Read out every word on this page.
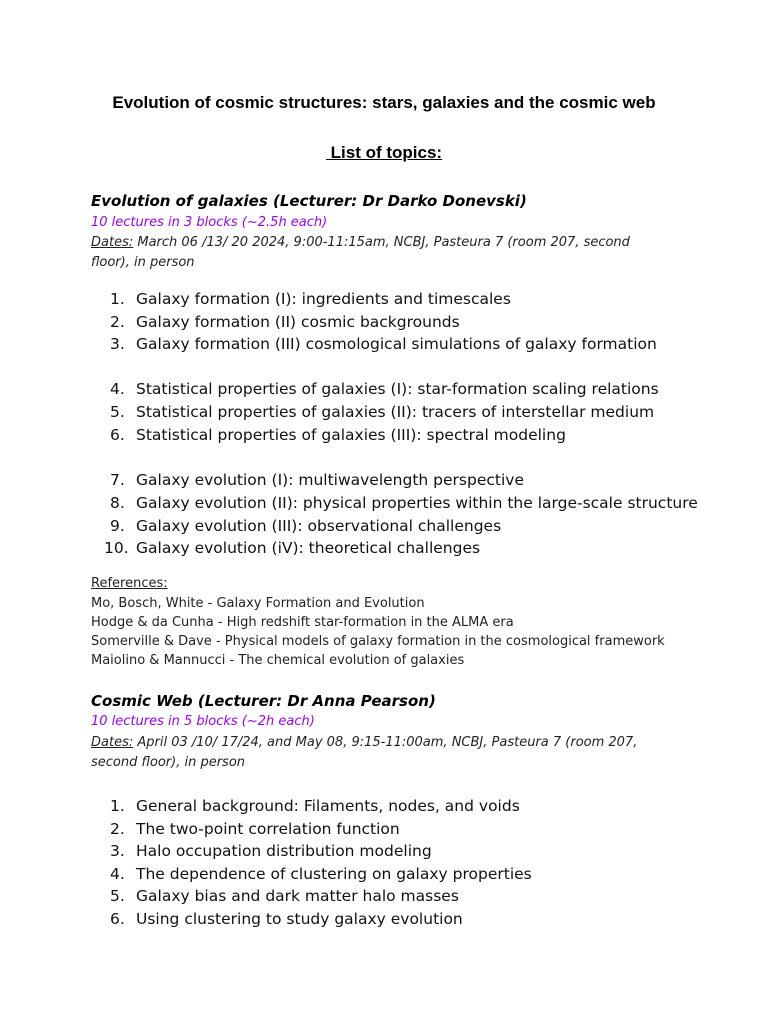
Evolution of cosmic structures: stars, galaxies and the cosmic web
List of topics:
Evolution of galaxies (Lecturer: Dr Darko Donevski)
10 lectures in 3 blocks (~2.5h each)
Dates: March 06 /13/ 20 2024, 9:00-11:15am, NCBJ, Pasteura 7 (room 207, second floor), in person
1. Galaxy formation (I): ingredients and timescales
2. Galaxy formation (II) cosmic backgrounds
3. Galaxy formation (III) cosmological simulations of galaxy formation
4. Statistical properties of galaxies (I): star-formation scaling relations
5. Statistical properties of galaxies (II): tracers of interstellar medium
6. Statistical properties of galaxies (III): spectral modeling
7. Galaxy evolution (I): multiwavelength perspective
8. Galaxy evolution (II): physical properties within the large-scale structure
9. Galaxy evolution (III): observational challenges
10. Galaxy evolution (iV): theoretical challenges
References:
Mo, Bosch, White - Galaxy Formation and Evolution
Hodge & da Cunha - High redshift star-formation in the ALMA era
Somerville & Dave - Physical models of galaxy formation in the cosmological framework
Maiolino & Mannucci - The chemical evolution of galaxies
Cosmic Web (Lecturer: Dr Anna Pearson)
10 lectures in 5 blocks (~2h each)
Dates: April 03 /10/ 17/24, and May 08, 9:15-11:00am, NCBJ, Pasteura 7 (room 207, second floor), in person
1. General background: Filaments, nodes, and voids
2. The two-point correlation function
3. Halo occupation distribution modeling
4. The dependence of clustering on galaxy properties
5. Galaxy bias and dark matter halo masses
6. Using clustering to study galaxy evolution
